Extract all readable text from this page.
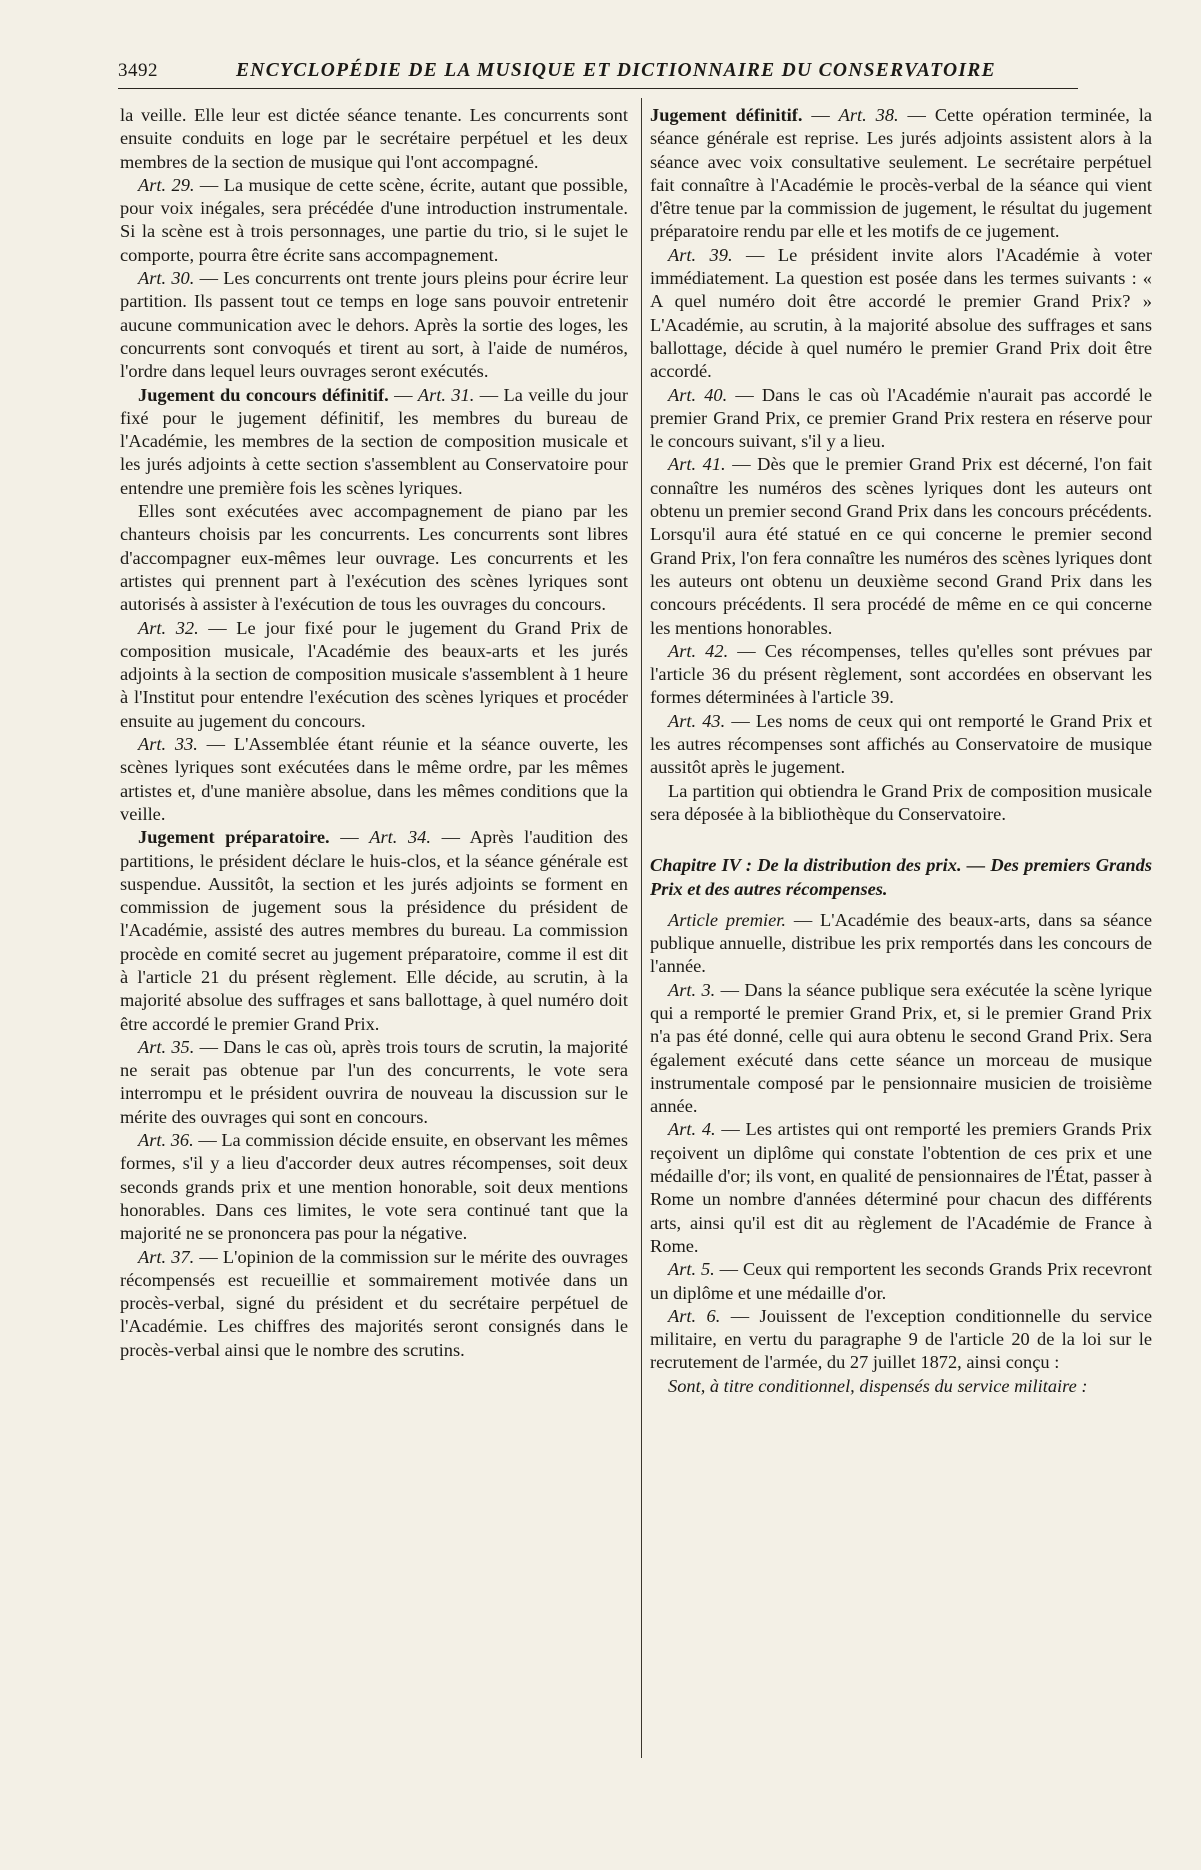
3492	ENCYCLOPÉDIE DE LA MUSIQUE ET DICTIONNAIRE DU CONSERVATOIRE

la veille. Elle leur est dictée séance tenante. Les concurrents sont ensuite conduits en loge par le secrétaire perpétuel et les deux membres de la section de musique qui l'ont accompagné.

Art. 29. — La musique de cette scène, écrite, autant que possible, pour voix inégales, sera précédée d'une introduction instrumentale. Si la scène est à trois personnages, une partie du trio, si le sujet le comporte, pourra être écrite sans accompagnement.

Art. 30. — Les concurrents ont trente jours pleins pour écrire leur partition. Ils passent tout ce temps en loge sans pouvoir entretenir aucune communication avec le dehors. Après la sortie des loges, les concurrents sont convoqués et tirent au sort, à l'aide de numéros, l'ordre dans lequel leurs ouvrages seront exécutés.

Jugement du concours définitif. — Art. 31. — La veille du jour fixé pour le jugement définitif, les membres du bureau de l'Académie, les membres de la section de composition musicale et les jurés adjoints à cette section s'assemblent au Conservatoire pour entendre une première fois les scènes lyriques.

Elles sont exécutées avec accompagnement de piano par les chanteurs choisis par les concurrents. Les concurrents sont libres d'accompagner eux-mêmes leur ouvrage. Les concurrents et les artistes qui prennent part à l'exécution des scènes lyriques sont autorisés à assister à l'exécution de tous les ouvrages du concours.

Art. 32. — Le jour fixé pour le jugement du Grand Prix de composition musicale, l'Académie des beaux-arts et les jurés adjoints à la section de composition musicale s'assemblent à 1 heure à l'Institut pour entendre l'exécution des scènes lyriques et procéder ensuite au jugement du concours.

Art. 33. — L'Assemblée étant réunie et la séance ouverte, les scènes lyriques sont exécutées dans le même ordre, par les mêmes artistes et, d'une manière absolue, dans les mêmes conditions que la veille.

Jugement préparatoire. — Art. 34. — Après l'audition des partitions, le président déclare le huis-clos, et la séance générale est suspendue. Aussitôt, la section et les jurés adjoints se forment en commission de jugement sous la présidence du président de l'Académie, assisté des autres membres du bureau. La commission procède en comité secret au jugement préparatoire, comme il est dit à l'article 21 du présent règlement. Elle décide, au scrutin, à la majorité absolue des suffrages et sans ballottage, à quel numéro doit être accordé le premier Grand Prix.

Art. 35. — Dans le cas où, après trois tours de scrutin, la majorité ne serait pas obtenue par l'un des concurrents, le vote sera interrompu et le président ouvrira de nouveau la discussion sur le mérite des ouvrages qui sont en concours.

Art. 36. — La commission décide ensuite, en observant les mêmes formes, s'il y a lieu d'accorder deux autres récompenses, soit deux seconds grands prix et une mention honorable, soit deux mentions honorables. Dans ces limites, le vote sera continué tant que la majorité ne se prononcera pas pour la négative.

Art. 37. — L'opinion de la commission sur le mérite des ouvrages récompensés est recueillie et sommairement motivée dans un procès-verbal, signé du président et du secrétaire perpétuel de l'Académie. Les chiffres des majorités seront consignés dans le procès-verbal ainsi que le nombre des scrutins.

Jugement définitif. — Art. 38. — Cette opération terminée, la séance générale est reprise. Les jurés adjoints assistent alors à la séance avec voix consultative seulement. Le secrétaire perpétuel fait connaître à l'Académie le procès-verbal de la séance qui vient d'être tenue par la commission de jugement, le résultat du jugement préparatoire rendu par elle et les motifs de ce jugement.

Art. 39. — Le président invite alors l'Académie à voter immédiatement. La question est posée dans les termes suivants : « A quel numéro doit être accordé le premier Grand Prix? » L'Académie, au scrutin, à la majorité absolue des suffrages et sans ballottage, décide à quel numéro le premier Grand Prix doit être accordé.

Art. 40. — Dans le cas où l'Académie n'aurait pas accordé le premier Grand Prix, ce premier Grand Prix restera en réserve pour le concours suivant, s'il y a lieu.

Art. 41. — Dès que le premier Grand Prix est décerné, l'on fait connaître les numéros des scènes lyriques dont les auteurs ont obtenu un premier second Grand Prix dans les concours précédents. Lorsqu'il aura été statué en ce qui concerne le premier second Grand Prix, l'on fera connaître les numéros des scènes lyriques dont les auteurs ont obtenu un deuxième second Grand Prix dans les concours précédents. Il sera procédé de même en ce qui concerne les mentions honorables.

Art. 42. — Ces récompenses, telles qu'elles sont prévues par l'article 36 du présent règlement, sont accordées en observant les formes déterminées à l'article 39.

Art. 43. — Les noms de ceux qui ont remporté le Grand Prix et les autres récompenses sont affichés au Conservatoire de musique aussitôt après le jugement.

La partition qui obtiendra le Grand Prix de composition musicale sera déposée à la bibliothèque du Conservatoire.

Chapitre IV : De la distribution des prix. — Des premiers Grands Prix et des autres récompenses.

Article premier. — L'Académie des beaux-arts, dans sa séance publique annuelle, distribue les prix remportés dans les concours de l'année.

Art. 3. — Dans la séance publique sera exécutée la scène lyrique qui a remporté le premier Grand Prix, et, si le premier Grand Prix n'a pas été donné, celle qui aura obtenu le second Grand Prix. Sera également exécuté dans cette séance un morceau de musique instrumentale composé par le pensionnaire musicien de troisième année.

Art. 4. — Les artistes qui ont remporté les premiers Grands Prix reçoivent un diplôme qui constate l'obtention de ces prix et une médaille d'or; ils vont, en qualité de pensionnaires de l'État, passer à Rome un nombre d'années déterminé pour chacun des différents arts, ainsi qu'il est dit au règlement de l'Académie de France à Rome.

Art. 5. — Ceux qui remportent les seconds Grands Prix recevront un diplôme et une médaille d'or.

Art. 6. — Jouissent de l'exception conditionnelle du service militaire, en vertu du paragraphe 9 de l'article 20 de la loi sur le recrutement de l'armée, du 27 juillet 1872, ainsi conçu :

Sont, à titre conditionnel, dispensés du service militaire :
